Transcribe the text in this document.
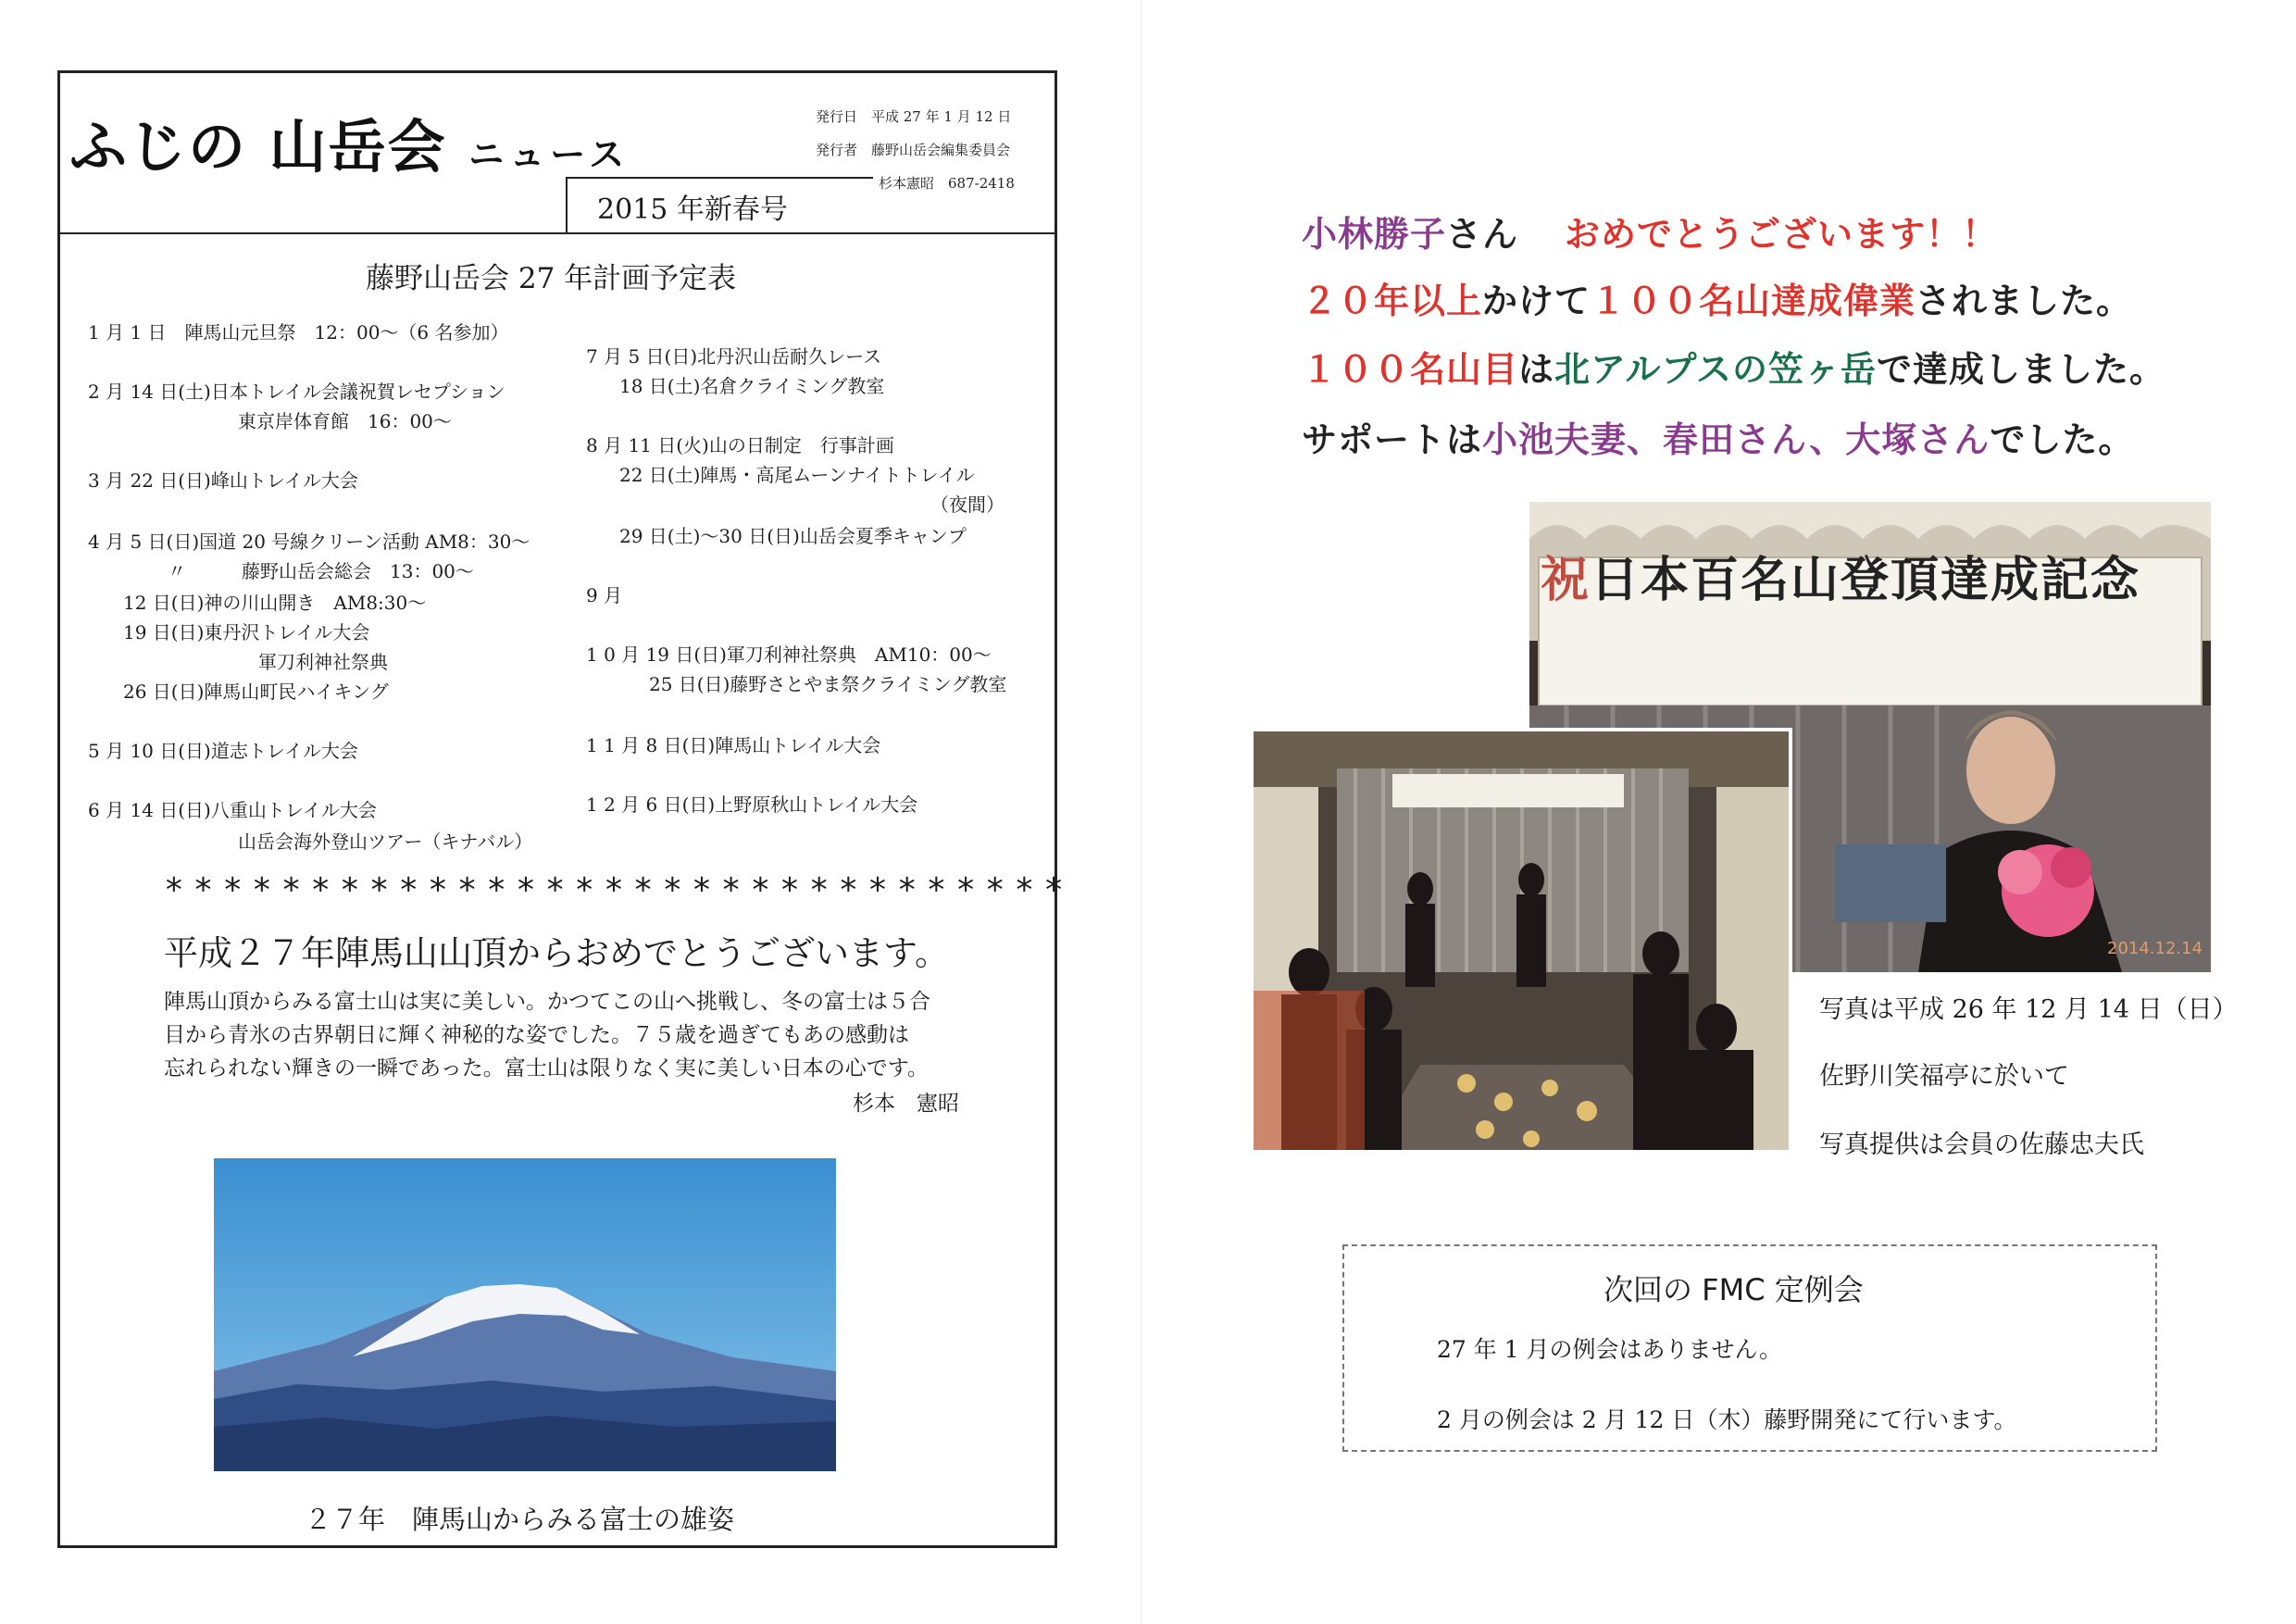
ふじの 山岳会 ニュース
発行日　平成 27 年 1 月 12 日
発行者　藤野山岳会編集委員会
杉本憲昭　687-2418
2015 年新春号
藤野山岳会 27 年計画予定表
1 月 1 日　陣馬山元旦祭　12：00～（6 名参加）
2 月 14 日(土)日本トレイル会議祝賀レセプション
東京岸体育館　16：00～
3 月 22 日(日)峰山トレイル大会
4 月 5 日(日)国道 20 号線クリーン活動 AM8：30～
〃　　　藤野山岳会総会　13：00～
12 日(日)神の川山開き　AM8:30～
19 日(日)東丹沢トレイル大会
軍刀利神社祭典
26 日(日)陣馬山町民ハイキング
5 月 10 日(日)道志トレイル大会
6 月 14 日(日)八重山トレイル大会
山岳会海外登山ツアー（キナバル）
7 月 5 日(日)北丹沢山岳耐久レース
18 日(土)名倉クライミング教室
8 月 11 日(火)山の日制定　行事計画
22 日(土)陣馬・高尾ムーンナイトトレイル
（夜間）
29 日(土)～30 日(日)山岳会夏季キャンプ
9 月
1 0 月 19 日(日)軍刀利神社祭典　AM10：00～
25 日(日)藤野さとやま祭クライミング教室
1 1 月 8 日(日)陣馬山トレイル大会
1 2 月 6 日(日)上野原秋山トレイル大会
*******************************
平成２７年陣馬山山頂からおめでとうございます。
陣馬山頂からみる富士山は実に美しい。かつてこの山へ挑戦し、冬の富士は５合
目から青氷の古界朝日に輝く神秘的な姿でした。７５歳を過ぎてもあの感動は
忘れられない輝きの一瞬であった。富士山は限りなく実に美しい日本の心です。
杉本　憲昭
２７年　陣馬山からみる富士の雄姿
小林勝子さん おめでとうございます！！
２０年以上かけて１００名山達成偉業されました。
１００名山目は北アルプスの笠ヶ岳で達成しました。
サポートは小池夫妻、春田さん、大塚さんでした。
祝日本百名山登頂達成記念
2014.12.14
写真は平成 26 年 12 月 14 日（日）
佐野川笑福亭に於いて
写真提供は会員の佐藤忠夫氏
次回の FMC 定例会
27 年 1 月の例会はありません。
2 月の例会は 2 月 12 日（木）藤野開発にて行います。
